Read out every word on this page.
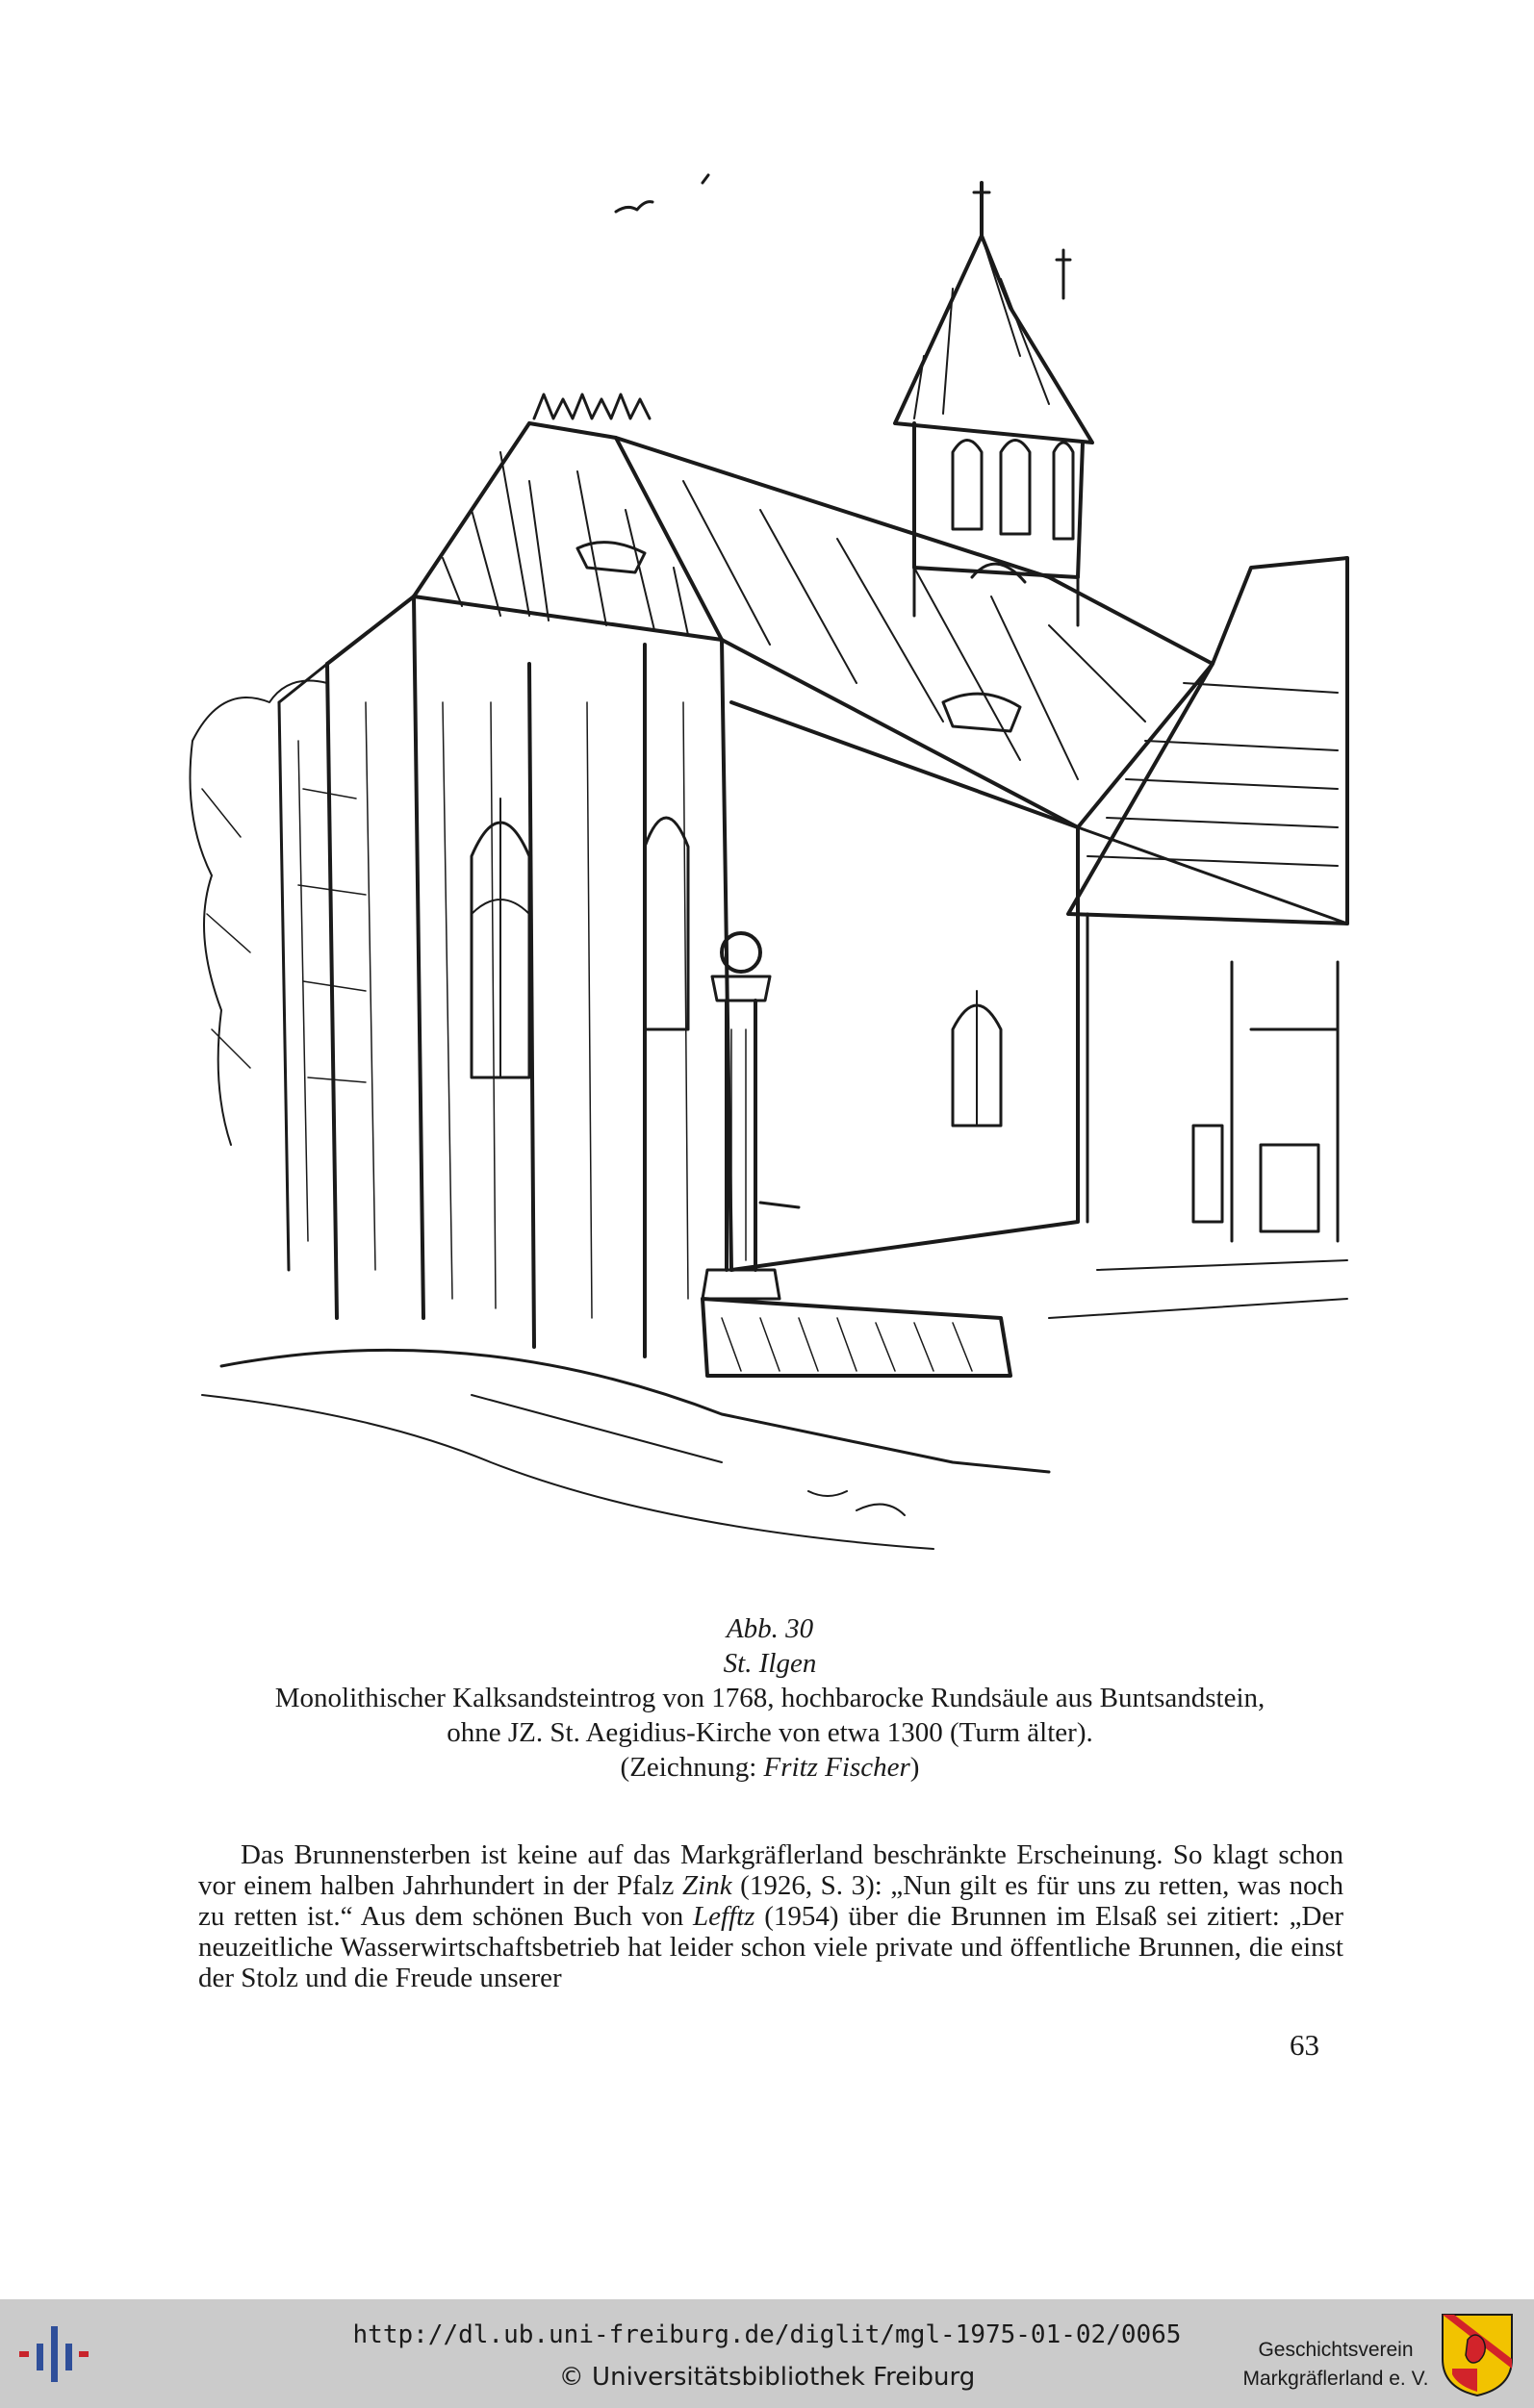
Abb. 30
St. Ilgen
Monolithischer Kalksandsteintrog von 1768, hochbarocke Rundsäule aus Buntsandstein,
ohne JZ. St. Aegidius-Kirche von etwa 1300 (Turm älter).
(Zeichnung: Fritz Fischer)

Das Brunnensterben ist keine auf das Markgräflerland beschränkte Erscheinung. So klagt schon vor einem halben Jahrhundert in der Pfalz Zink (1926, S. 3): „Nun gilt es für uns zu retten, was noch zu retten ist.“ Aus dem schönen Buch von Lefftz (1954) über die Brunnen im Elsaß sei zitiert: „Der neuzeitliche Wasserwirtschaftsbetrieb hat leider schon viele private und öffentliche Brunnen, die einst der Stolz und die Freude unserer

63
http://dl.ub.uni-freiburg.de/diglit/mgl-1975-01-02/0065
© Universitätsbibliothek Freiburg
Geschichtsverein
Markgräflerland e. V.
